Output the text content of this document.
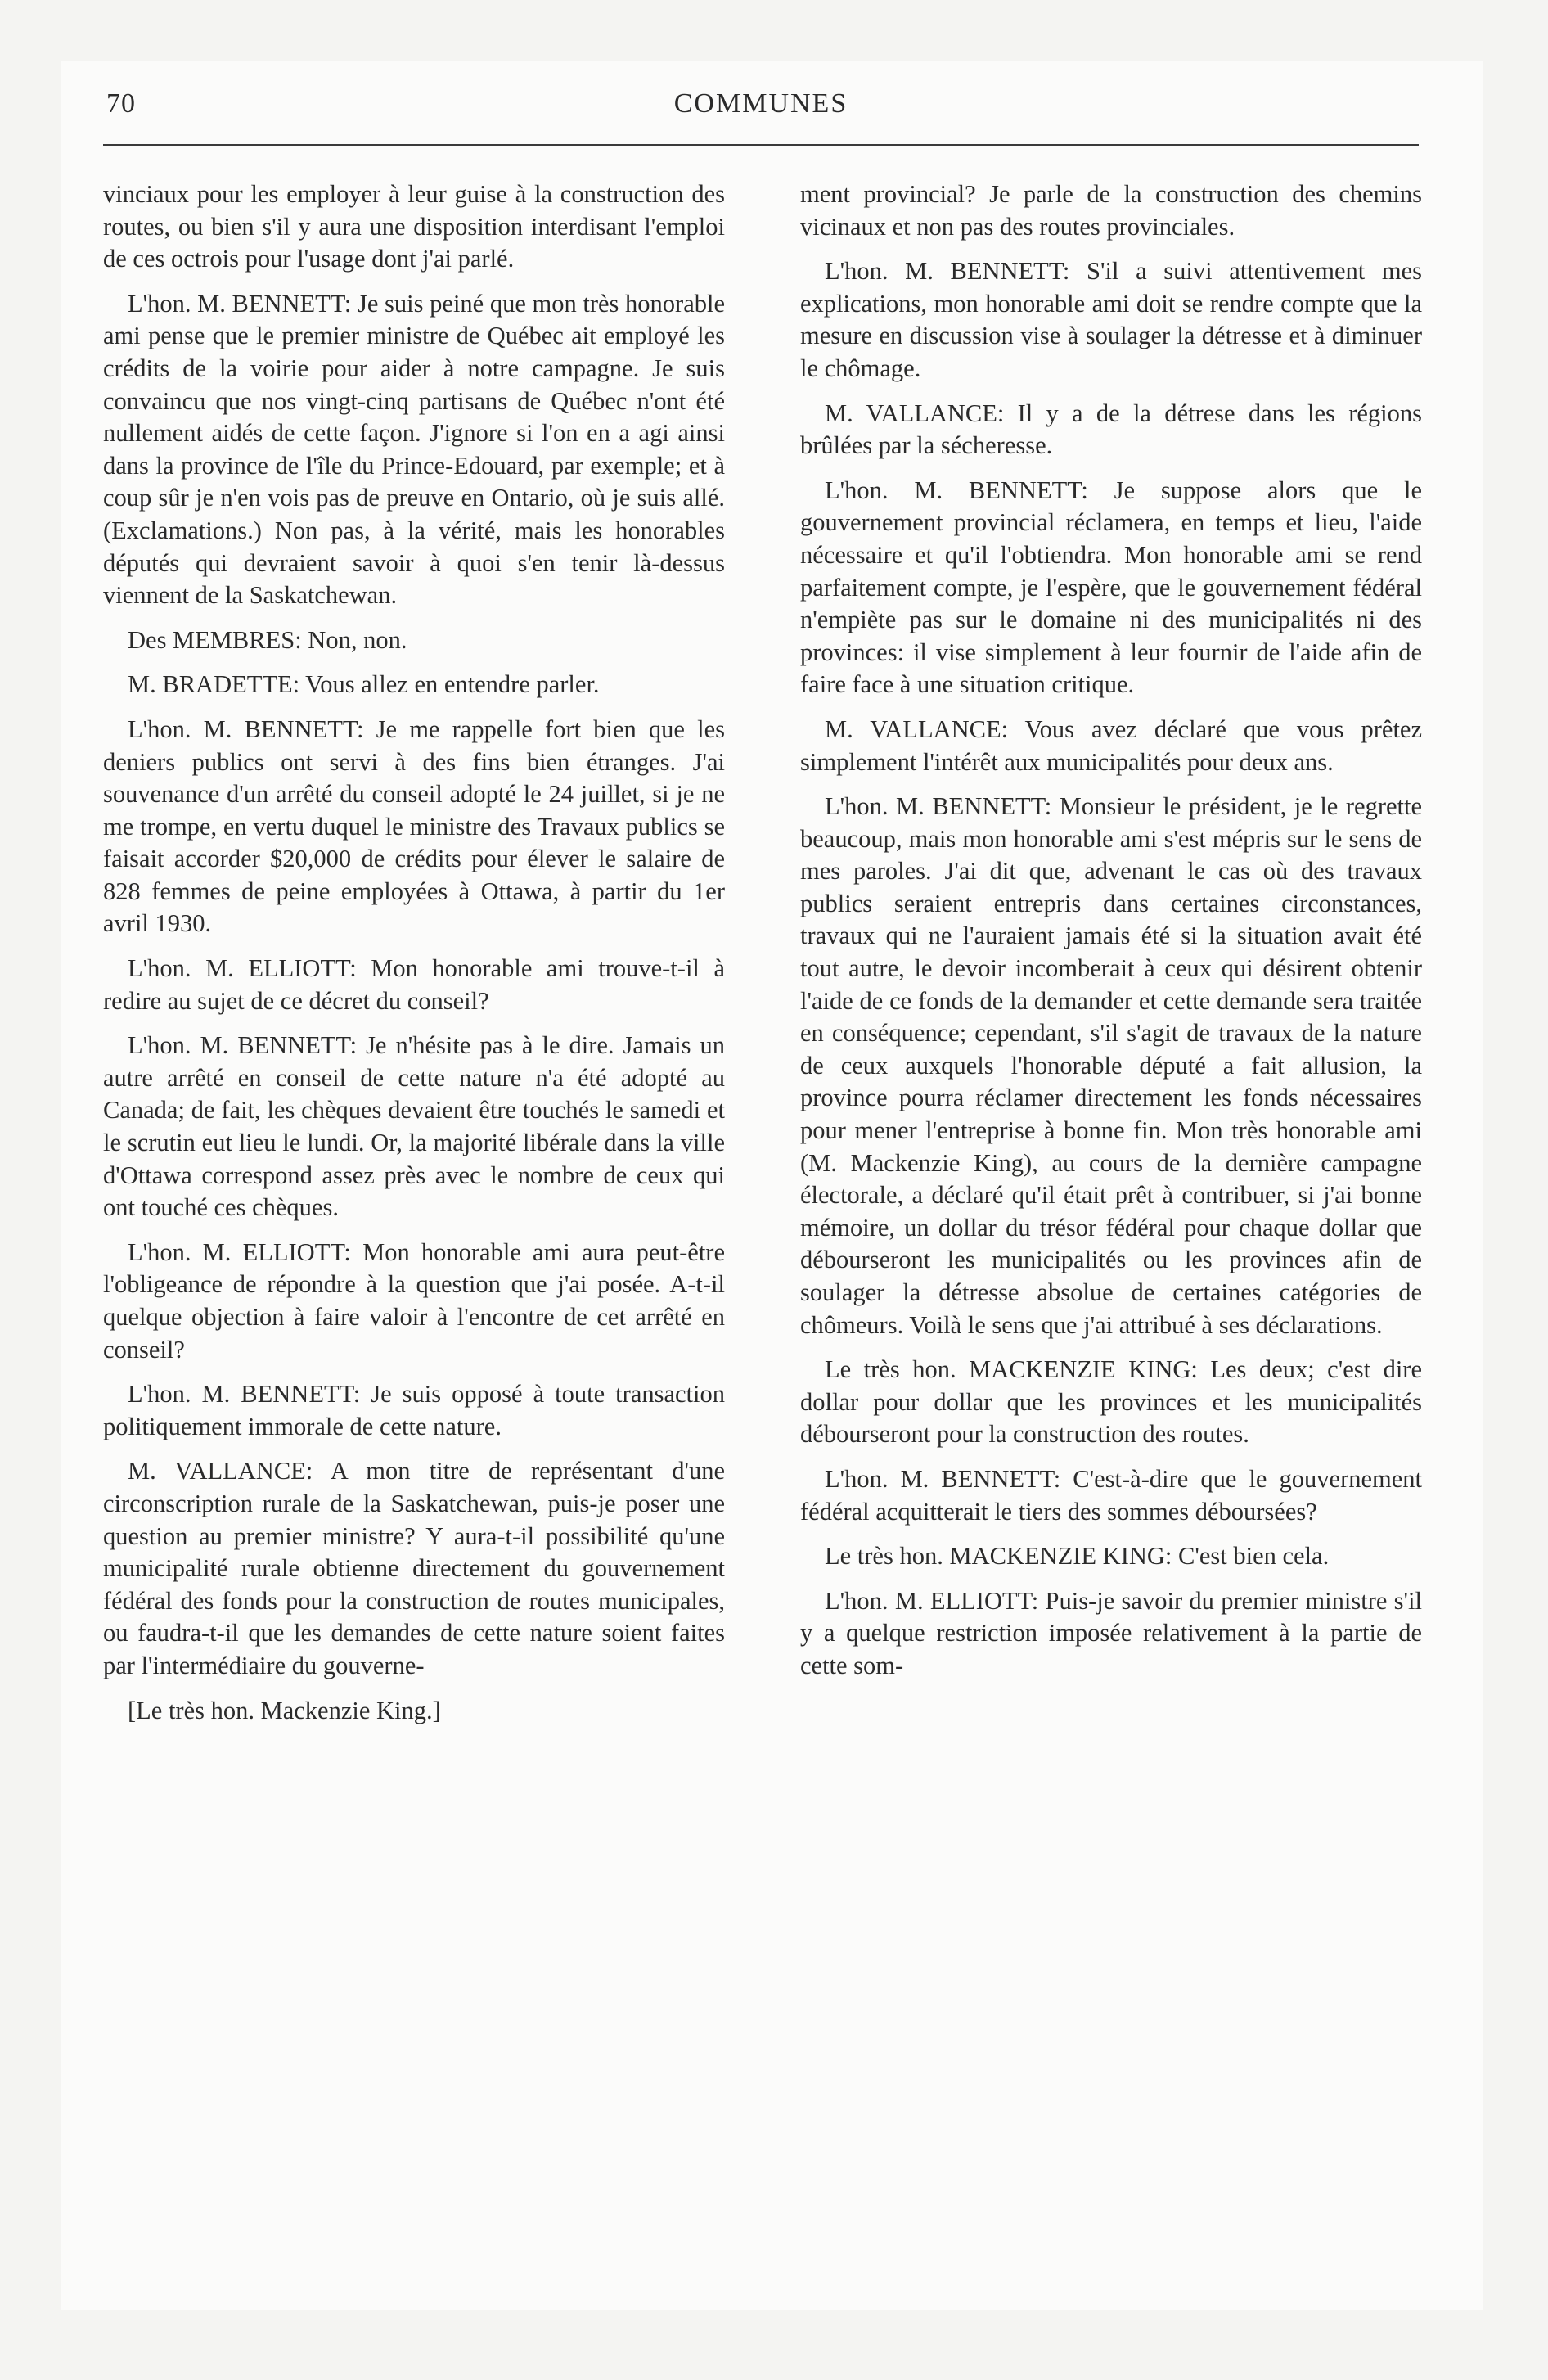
70	COMMUNES

vinciaux pour les employer à leur guise à la construction des routes, ou bien s'il y aura une disposition interdisant l'emploi de ces octrois pour l'usage dont j'ai parlé.

L'hon. M. BENNETT: Je suis peiné que mon très honorable ami pense que le premier ministre de Québec ait employé les crédits de la voirie pour aider à notre campagne. Je suis convaincu que nos vingt-cinq partisans de Québec n'ont été nullement aidés de cette façon. J'ignore si l'on en a agi ainsi dans la province de l'île du Prince-Edouard, par exemple; et à coup sûr je n'en vois pas de preuve en Ontario, où je suis allé. (Exclamations.) Non pas, à la vérité, mais les honorables députés qui devraient savoir à quoi s'en tenir là-dessus viennent de la Saskatchewan.

Des MEMBRES: Non, non.

M. BRADETTE: Vous allez en entendre parler.

L'hon. M. BENNETT: Je me rappelle fort bien que les deniers publics ont servi à des fins bien étranges. J'ai souvenance d'un arrêté du conseil adopté le 24 juillet, si je ne me trompe, en vertu duquel le ministre des Travaux publics se faisait accorder $20,000 de crédits pour élever le salaire de 828 femmes de peine employées à Ottawa, à partir du 1er avril 1930.

L'hon. M. ELLIOTT: Mon honorable ami trouve-t-il à redire au sujet de ce décret du conseil?

L'hon. M. BENNETT: Je n'hésite pas à le dire. Jamais un autre arrêté en conseil de cette nature n'a été adopté au Canada; de fait, les chèques devaient être touchés le samedi et le scrutin eut lieu le lundi. Or, la majorité libérale dans la ville d'Ottawa correspond assez près avec le nombre de ceux qui ont touché ces chèques.

L'hon. M. ELLIOTT: Mon honorable ami aura peut-être l'obligeance de répondre à la question que j'ai posée. A-t-il quelque objection à faire valoir à l'encontre de cet arrêté en conseil?

L'hon. M. BENNETT: Je suis opposé à toute transaction politiquement immorale de cette nature.

M. VALLANCE: A mon titre de représentant d'une circonscription rurale de la Saskatchewan, puis-je poser une question au premier ministre? Y aura-t-il possibilité qu'une municipalité rurale obtienne directement du gouvernement fédéral des fonds pour la construction de routes municipales, ou faudra-t-il que les demandes de cette nature soient faites par l'intermédiaire du gouverne-

[Le très hon. Mackenzie King.]

ment provincial? Je parle de la construction des chemins vicinaux et non pas des routes provinciales.

L'hon. M. BENNETT: S'il a suivi attentivement mes explications, mon honorable ami doit se rendre compte que la mesure en discussion vise à soulager la détresse et à diminuer le chômage.

M. VALLANCE: Il y a de la détrese dans les régions brûlées par la sécheresse.

L'hon. M. BENNETT: Je suppose alors que le gouvernement provincial réclamera, en temps et lieu, l'aide nécessaire et qu'il l'obtiendra. Mon honorable ami se rend parfaitement compte, je l'espère, que le gouvernement fédéral n'empiète pas sur le domaine ni des municipalités ni des provinces: il vise simplement à leur fournir de l'aide afin de faire face à une situation critique.

M. VALLANCE: Vous avez déclaré que vous prêtez simplement l'intérêt aux municipalités pour deux ans.

L'hon. M. BENNETT: Monsieur le président, je le regrette beaucoup, mais mon honorable ami s'est mépris sur le sens de mes paroles. J'ai dit que, advenant le cas où des travaux publics seraient entrepris dans certaines circonstances, travaux qui ne l'auraient jamais été si la situation avait été tout autre, le devoir incomberait à ceux qui désirent obtenir l'aide de ce fonds de la demander et cette demande sera traitée en conséquence; cependant, s'il s'agit de travaux de la nature de ceux auxquels l'honorable député a fait allusion, la province pourra réclamer directement les fonds nécessaires pour mener l'entreprise à bonne fin. Mon très honorable ami (M. Mackenzie King), au cours de la dernière campagne électorale, a déclaré qu'il était prêt à contribuer, si j'ai bonne mémoire, un dollar du trésor fédéral pour chaque dollar que débourseront les municipalités ou les provinces afin de soulager la détresse absolue de certaines catégories de chômeurs. Voilà le sens que j'ai attribué à ses déclarations.

Le très hon. MACKENZIE KING: Les deux; c'est dire dollar pour dollar que les provinces et les municipalités débourseront pour la construction des routes.

L'hon. M. BENNETT: C'est-à-dire que le gouvernement fédéral acquitterait le tiers des sommes déboursées?

Le très hon. MACKENZIE KING: C'est bien cela.

L'hon. M. ELLIOTT: Puis-je savoir du premier ministre s'il y a quelque restriction imposée relativement à la partie de cette som-
